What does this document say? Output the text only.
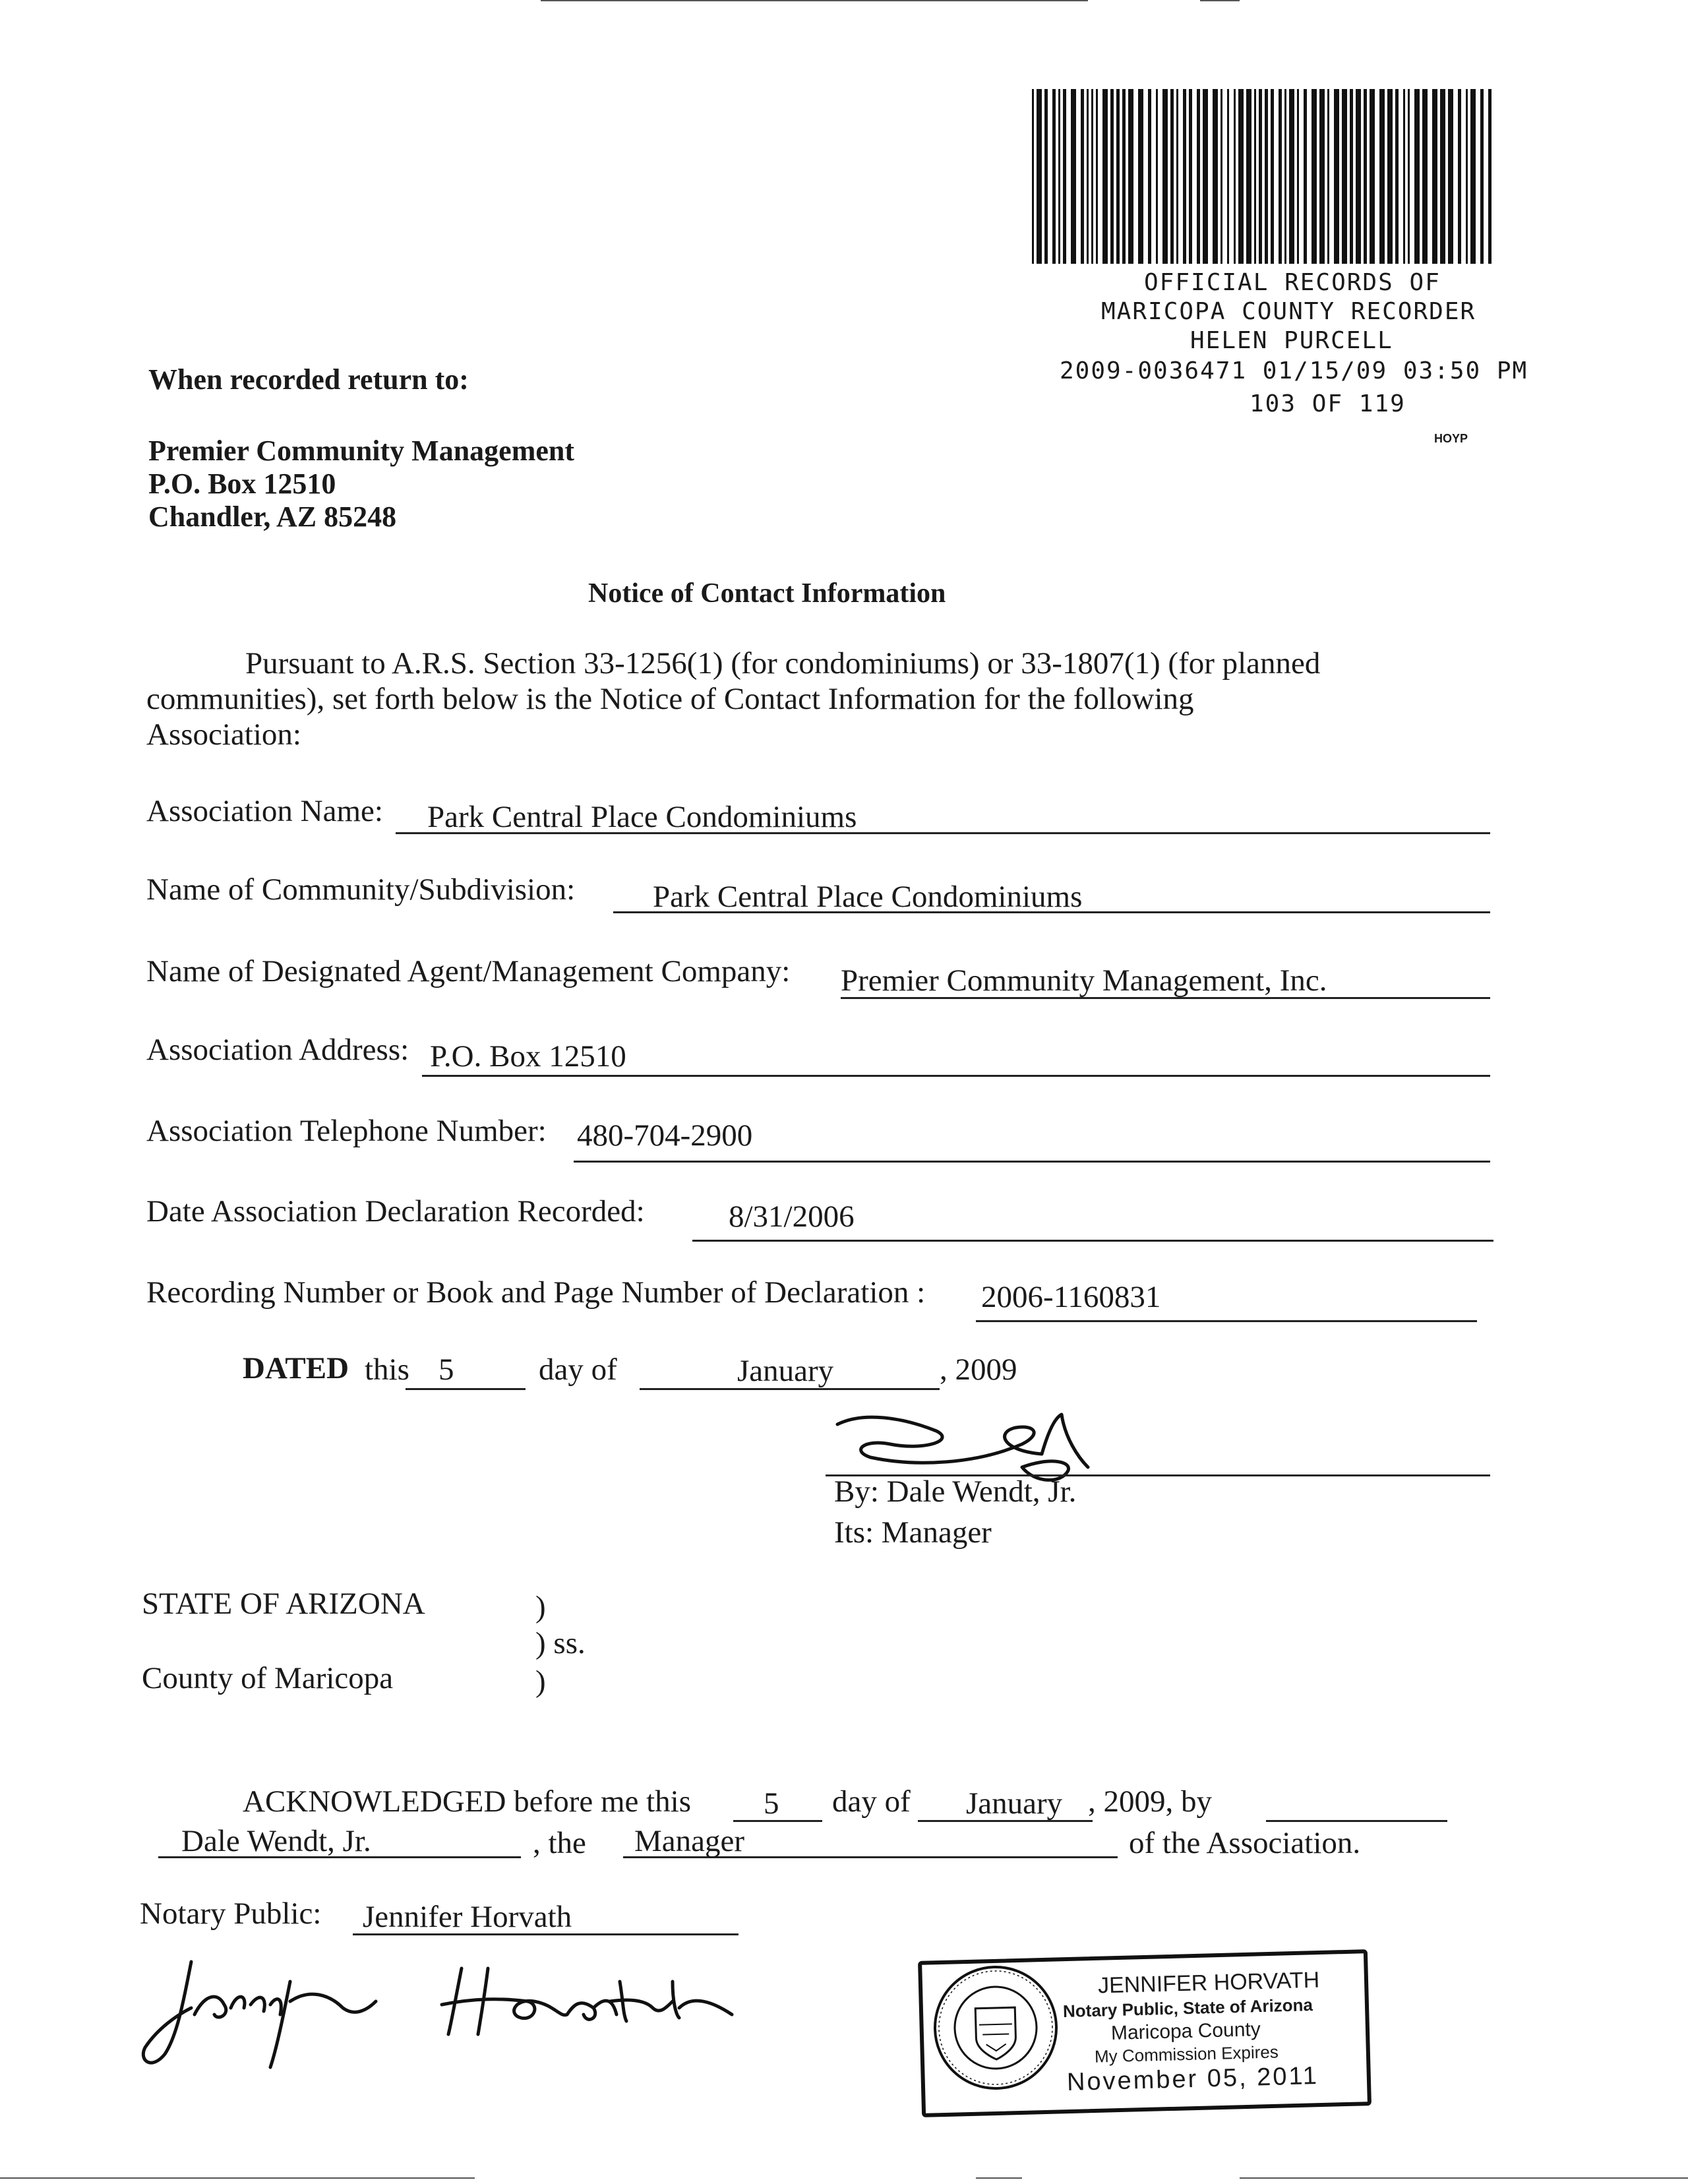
OFFICIAL RECORDS OF
MARICOPA COUNTY RECORDER
HELEN PURCELL
2009-0036471 01/15/09 03:50 PM
103 OF 119
HOYP
When recorded return to:
Premier Community Management
P.O. Box 12510
Chandler, AZ 85248
Notice of Contact Information
Pursuant to A.R.S. Section 33-1256(1) (for condominiums) or 33-1807(1) (for planned
communities), set forth below is the Notice of Contact Information for the following
Association:
Association Name: Park Central Place Condominiums
Name of Community/Subdivision:	Park Central Place Condominiums
Name of Designated Agent/Management Company: Premier Community Management, Inc.
Association Address: P.O. Box 12510
Association Telephone Number: 480-704-2900
Date Association Declaration Recorded:	8/31/2006
Recording Number or Book and Page Number of Declaration : 2006-1160831
DATED this 5	day of	January	, 2009
By: Dale Wendt, Jr.
Its: Manager
STATE OF ARIZONA	)
) ss.
County of Maricopa	)
ACKNOWLEDGED before me this 5 day of January , 2009, by
Dale Wendt, Jr.	, the Manager	of the Association.
Notary Public: Jennifer Horvath
JENNIFER HORVATH
Notary Public, State of Arizona
Maricopa County
My Commission Expires
November 05, 2011
